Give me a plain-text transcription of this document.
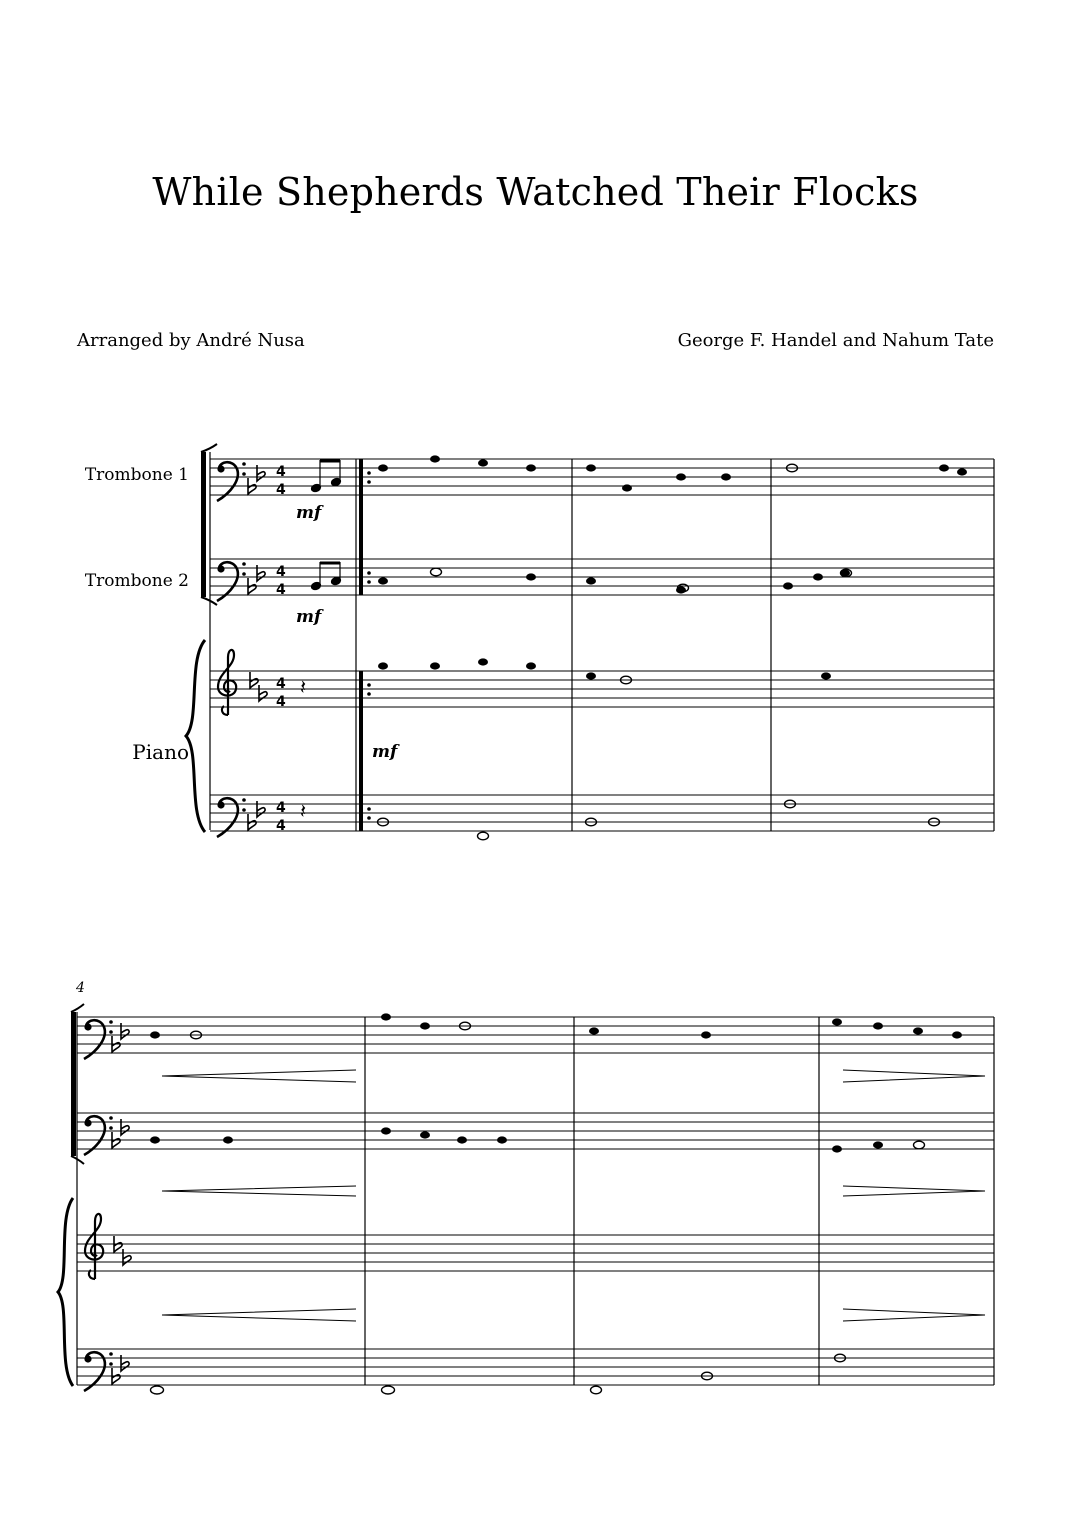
While Shepherds Watched Their Flocks
Arranged by André Nusa	George F. Handel and Nahum Tate
Trombone 1
Trombone 2
Piano
4
4
4
4
4
4
4
4
4
mf
mf
mf
𝄽
𝄽
